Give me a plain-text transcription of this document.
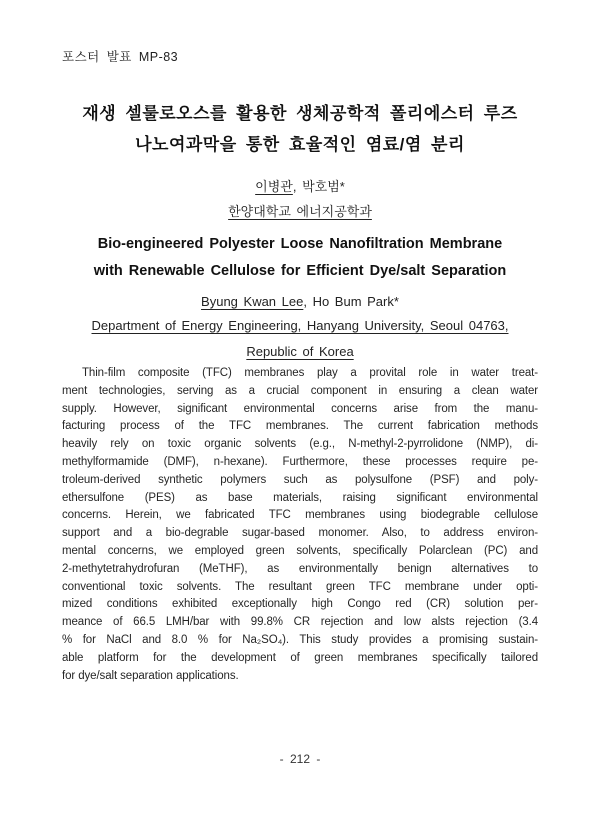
포스터 발표 MP-83
재생 셀룰로오스를 활용한 생체공학적 폴리에스터 루즈
나노여과막을 통한 효율적인 염료/염 분리
이병관, 박호범*
한양대학교 에너지공학과
Bio-engineered Polyester Loose Nanofiltration Membrane
with Renewable Cellulose for Efficient Dye/salt Separation
Byung Kwan Lee, Ho Bum Park*
Department of Energy Engineering, Hanyang University, Seoul 04763,
Republic of Korea
Thin-film composite (TFC) membranes play a provital role in water treat-
ment technologies, serving as a crucial component in ensuring a clean water
supply. However, significant environmental concerns arise from the manu-
facturing process of the TFC membranes. The current fabrication methods
heavily rely on toxic organic solvents (e.g., N-methyl-2-pyrrolidone (NMP), di-
methylformamide (DMF), n-hexane). Furthermore, these processes require pe-
troleum-derived synthetic polymers such as polysulfone (PSF) and poly-
ethersulfone (PES) as base materials, raising significant environmental
concerns. Herein, we fabricated TFC membranes using biodegrable cellulose
support and a bio-degrable sugar-based monomer. Also, to address environ-
mental concerns, we employed green solvents, specifically Polarclean (PC) and
2-methytetrahydrofuran (MeTHF), as environmentally benign alternatives to
conventional toxic solvents. The resultant green TFC membrane under opti-
mized conditions exhibited exceptionally high Congo red (CR) solution per-
meance of 66.5 LMH/bar with 99.8% CR rejection and low alsts rejection (3.4
% for NaCl and 8.0 % for Na₂SO₄). This study provides a promising sustain-
able platform for the development of green membranes specifically tailored
for dye/salt separation applications.
- 212 -
